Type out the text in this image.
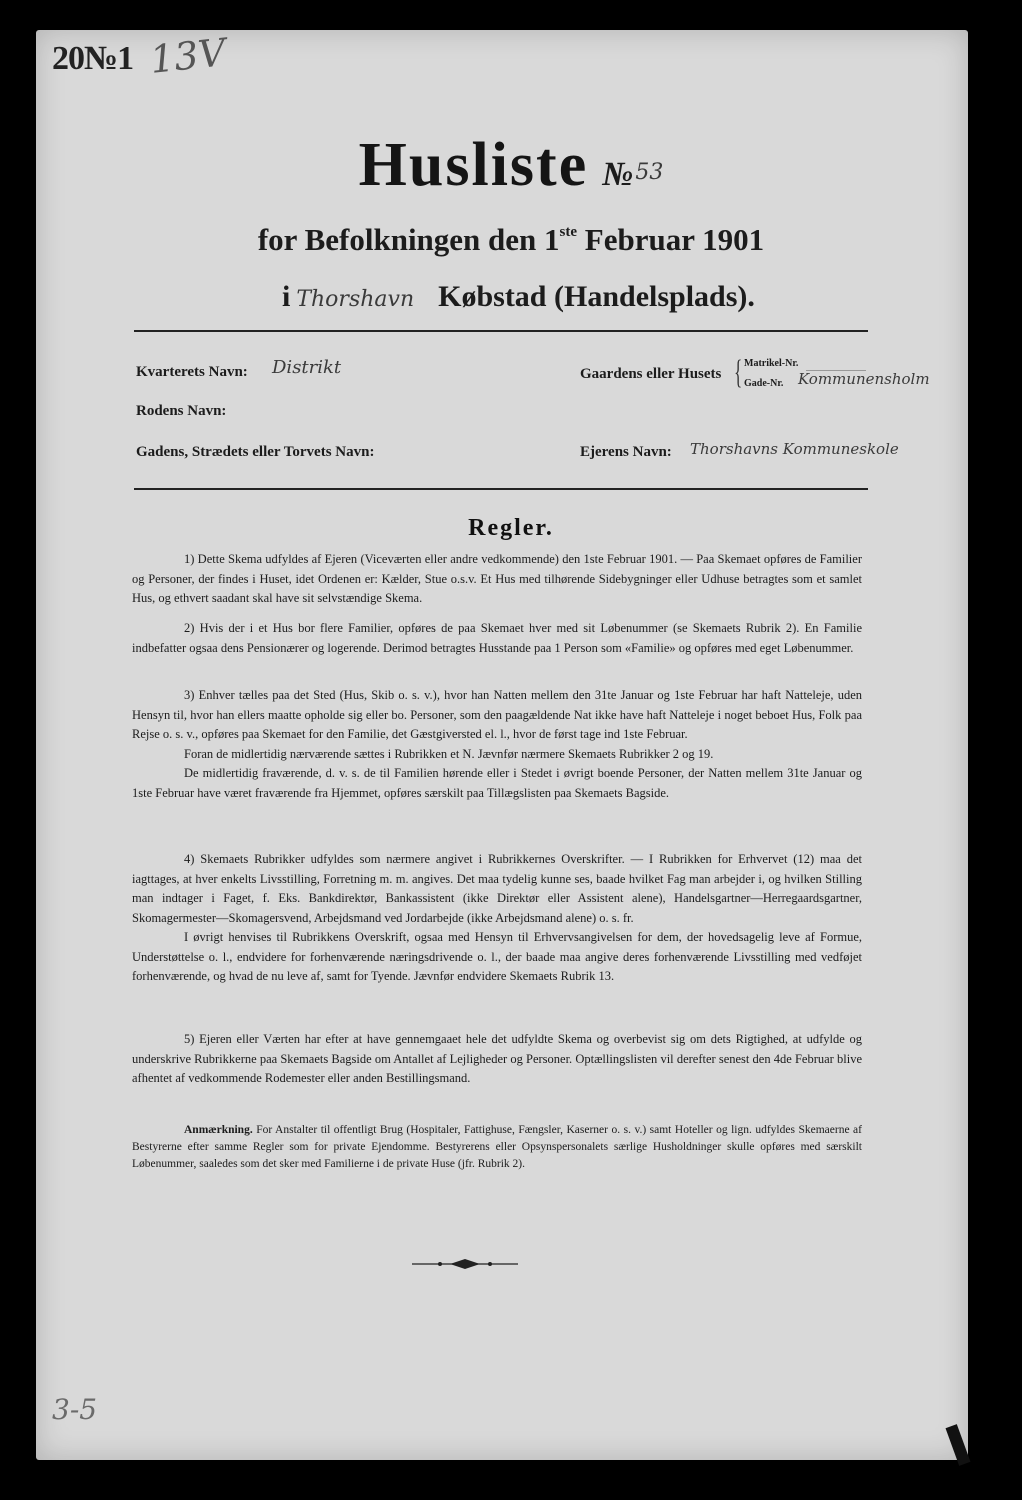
20№1 13V
Husliste №53
for Befolkningen den 1ste Februar 1901
i Thorshavn Købstad (Handelsplads).
Kvarterets Navn: Distrikt
Rodens Navn:
Gadens, Strædets eller Torvets Navn:
Gaardens eller Husets { Matrikel-Nr.
Gade-Nr. Kommunensholm
Ejerens Navn: Thorshavns Kommuneskole
Regler.

1) Dette Skema udfyldes af Ejeren (Viceværten eller andre vedkommende) den 1ste Februar 1901. — Paa Skemaet opføres de Familier og Personer, der findes i Huset, idet Ordenen er: Kælder, Stue o.s.v. Et Hus med tilhørende Sidebygninger eller Udhuse betragtes som et samlet Hus, og ethvert saadant skal have sit selvstændige Skema.

2) Hvis der i et Hus bor flere Familier, opføres de paa Skemaet hver med sit Løbenummer (se Skemaets Rubrik 2). En Familie indbefatter ogsaa dens Pensionærer og logerende. Derimod betragtes Husstande paa 1 Person som «Familie» og opføres med eget Løbenummer.

3) Enhver tælles paa det Sted (Hus, Skib o. s. v.), hvor han Natten mellem den 31te Januar og 1ste Februar har haft Natteleje, uden Hensyn til, hvor han ellers maatte opholde sig eller bo. Personer, som den paagældende Nat ikke have haft Natteleje i noget beboet Hus, Folk paa Rejse o. s. v., opføres paa Skemaet for den Familie, det Gæstgiversted el. l., hvor de først tage ind 1ste Februar.

Foran de midlertidig nærværende sættes i Rubrikken et N. Jævnfør nærmere Skemaets Rubrikker 2 og 19.

De midlertidig fraværende, d. v. s. de til Familien hørende eller i Stedet i øvrigt boende Personer, der Natten mellem 31te Januar og 1ste Februar have været fraværende fra Hjemmet, opføres særskilt paa Tillægslisten paa Skemaets Bagside.

4) Skemaets Rubrikker udfyldes som nærmere angivet i Rubrikkernes Overskrifter. — I Rubrikken for Erhvervet (12) maa det iagttages, at hver enkelts Livsstilling, Forretning m. m. angives. Det maa tydelig kunne ses, baade hvilket Fag man arbejder i, og hvilken Stilling man indtager i Faget, f. Eks. Bankdirektør, Bankassistent (ikke Direktør eller Assistent alene), Handelsgartner—Herregaardsgartner, Skomagermester—Skomagersvend, Arbejdsmand ved Jordarbejde (ikke Arbejdsmand alene) o. s. fr.

I øvrigt henvises til Rubrikkens Overskrift, ogsaa med Hensyn til Erhvervsangivelsen for dem, der hovedsagelig leve af Formue, Understøttelse o. l., endvidere for forhenværende næringsdrivende o. l., der baade maa angive deres forhenværende Livsstilling med vedføjet forhenværende, og hvad de nu leve af, samt for Tyende. Jævnfør endvidere Skemaets Rubrik 13.

5) Ejeren eller Værten har efter at have gennemgaaet hele det udfyldte Skema og overbevist sig om dets Rigtighed, at udfylde og underskrive Rubrikkerne paa Skemaets Bagside om Antallet af Lejligheder og Personer. Optællingslisten vil derefter senest den 4de Februar blive afhentet af vedkommende Rodemester eller anden Bestillingsmand.

Anmærkning. For Anstalter til offentligt Brug (Hospitaler, Fattighuse, Fængsler, Kaserner o. s. v.) samt Hoteller og lign. udfyldes Skemaerne af Bestyrerne efter samme Regler som for private Ejendomme. Bestyrerens eller Opsynspersonalets særlige Husholdninger skulle opføres med særskilt Løbenummer, saaledes som det sker med Familierne i de private Huse (jfr. Rubrik 2).

3-5
